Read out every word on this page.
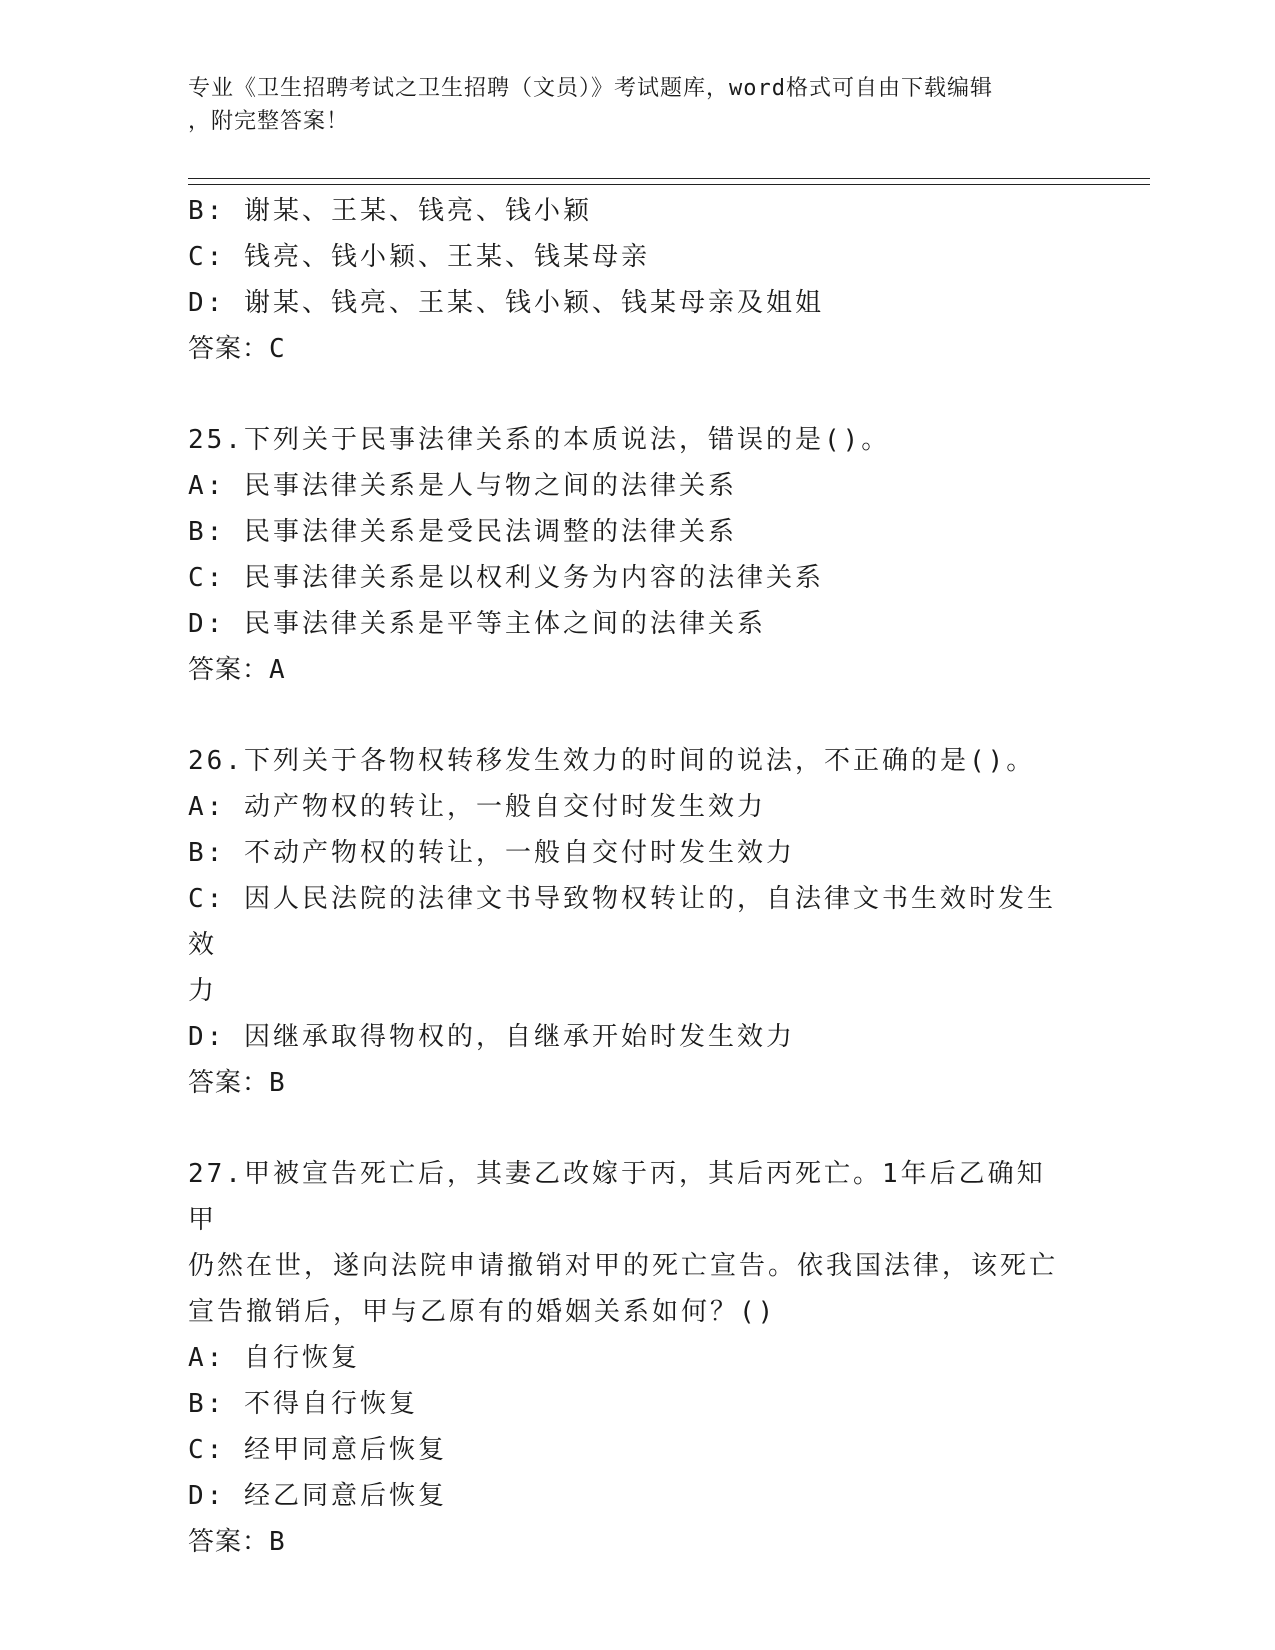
专业《卫生招聘考试之卫生招聘（文员）》考试题库，word格式可自由下载编辑
，附完整答案！
B: 谢某、王某、钱亮、钱小颖
C: 钱亮、钱小颖、王某、钱某母亲
D: 谢某、钱亮、王某、钱小颖、钱某母亲及姐姐
答案：C
25.下列关于民事法律关系的本质说法，错误的是()。
A: 民事法律关系是人与物之间的法律关系
B: 民事法律关系是受民法调整的法律关系
C: 民事法律关系是以权利义务为内容的法律关系
D: 民事法律关系是平等主体之间的法律关系
答案：A
26.下列关于各物权转移发生效力的时间的说法，不正确的是()。
A: 动产物权的转让，一般自交付时发生效力
B: 不动产物权的转让，一般自交付时发生效力
C: 因人民法院的法律文书导致物权转让的，自法律文书生效时发生效
力
D: 因继承取得物权的，自继承开始时发生效力
答案：B
27.甲被宣告死亡后，其妻乙改嫁于丙，其后丙死亡。1年后乙确知甲
仍然在世，遂向法院申请撤销对甲的死亡宣告。依我国法律，该死亡
宣告撤销后，甲与乙原有的婚姻关系如何？()
A: 自行恢复
B: 不得自行恢复
C: 经甲同意后恢复
D: 经乙同意后恢复
答案：B
